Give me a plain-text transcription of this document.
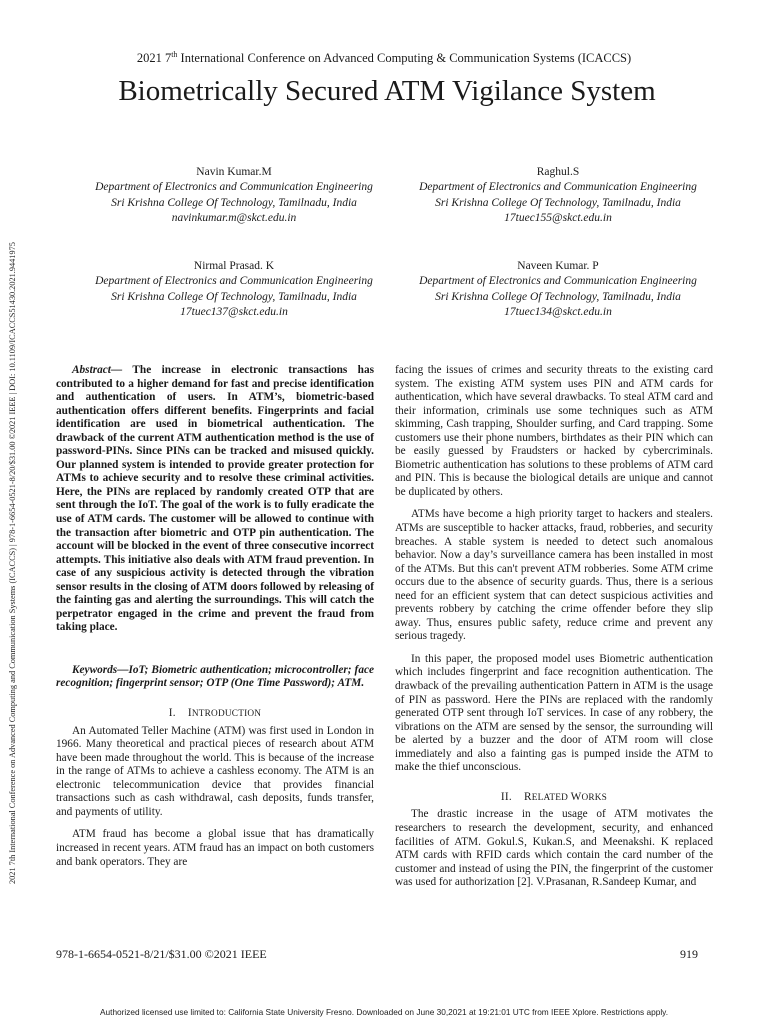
2021 7th International Conference on Advanced Computing and Communication Systems (ICACCS) | 978-1-6654-0521-8/20/$31.00 ©2021 IEEE | DOI: 10.1109/ICACCS51430.2021.9441975
2021 7th International Conference on Advanced Computing & Communication Systems (ICACCS)
Biometrically Secured ATM Vigilance System
Navin Kumar.M
Department of Electronics and Communication Engineering
Sri Krishna College Of Technology, Tamilnadu, India
navinkumar.m@skct.edu.in
Raghul.S
Department of Electronics and Communication Engineering
Sri Krishna College Of Technology, Tamilnadu, India
17tuec155@skct.edu.in
Nirmal Prasad. K
Department of Electronics and Communication Engineering
Sri Krishna College Of Technology, Tamilnadu, India
17tuec137@skct.edu.in
Naveen Kumar. P
Department of Electronics and Communication Engineering
Sri Krishna College Of Technology, Tamilnadu, India
17tuec134@skct.edu.in

Abstract— The increase in electronic transactions has contributed to a higher demand for fast and precise identification and authentication of users. In ATM’s, biometric-based authentication offers different benefits. Fingerprints and facial identification are used in biometrical authentication. The drawback of the current ATM authentication method is the use of password-PINs. Since PINs can be tracked and misused quickly. Our planned system is intended to provide greater protection for ATMs to achieve security and to resolve these criminal activities. Here, the PINs are replaced by randomly created OTP that are sent through the IoT. The goal of the work is to fully eradicate the use of ATM cards. The customer will be allowed to continue with the transaction after biometric and OTP pin authentication. The account will be blocked in the event of three consecutive incorrect attempts. This initiative also deals with ATM fraud prevention. In case of any suspicious activity is detected through the vibration sensor results in the closing of ATM doors followed by releasing of the fainting gas and alerting the surroundings. This will catch the perpetrator engaged in the crime and prevent the fraud from taking place.

Keywords—IoT; Biometric authentication; microcontroller; face recognition; fingerprint sensor; OTP (One Time Password); ATM.

I. INTRODUCTION

An Automated Teller Machine (ATM) was first used in London in 1966. Many theoretical and practical pieces of research about ATM have been made throughout the world. This is because of the increase in the range of ATMs to achieve a cashless economy. The ATM is an electronic telecommunication device that provides financial transactions such as cash withdrawal, cash deposits, funds transfer, and payments of utility.

ATM fraud has become a global issue that has dramatically increased in recent years. ATM fraud has an impact on both customers and bank operators. They are

facing the issues of crimes and security threats to the existing card system. The existing ATM system uses PIN and ATM cards for authentication, which have several drawbacks. To steal ATM card and their information, criminals use some techniques such as ATM skimming, Cash trapping, Shoulder surfing, and Card trapping. Some customers use their phone numbers, birthdates as their PIN which can be easily guessed by Fraudsters or hacked by cybercriminals. Biometric authentication has solutions to these problems of ATM card and PIN. This is because the biological details are unique and cannot be duplicated by others.

ATMs have become a high priority target to hackers and stealers. ATMs are susceptible to hacker attacks, fraud, robberies, and security breaches. A stable system is needed to detect such anomalous behavior. Now a day’s surveillance camera has been installed in most of the ATMs. But this can't prevent ATM robberies. Some ATM crime occurs due to the absence of security guards. Thus, there is a serious need for an efficient system that can detect suspicious activities and prevents robbery by catching the crime offender before they slip away. Thus, ensures public safety, reduce crime and prevent any serious tragedy.

In this paper, the proposed model uses Biometric authentication which includes fingerprint and face recognition authentication. The drawback of the prevailing authentication Pattern in ATM is the usage of PIN as password. Here the PINs are replaced with the randomly generated OTP sent through IoT services. In case of any robbery, the vibrations on the ATM are sensed by the sensor, the surrounding will be alerted by a buzzer and the door of ATM room will close immediately and also a fainting gas is pumped inside the ATM to make the thief unconscious.

II. RELATED WORKS

The drastic increase in the usage of ATM motivates the researchers to research the development, security, and enhanced facilities of ATM. Gokul.S, Kukan.S, and Meenakshi. K replaced ATM cards with RFID cards which contain the card number of the customer and instead of using the PIN, the fingerprint of the customer was used for authorization [2]. V.Prasanan, R.Sandeep Kumar, and

978-1-6654-0521-8/21/$31.00 ©2021 IEEE	919
Authorized licensed use limited to: California State University Fresno. Downloaded on June 30,2021 at 19:21:01 UTC from IEEE Xplore. Restrictions apply.
